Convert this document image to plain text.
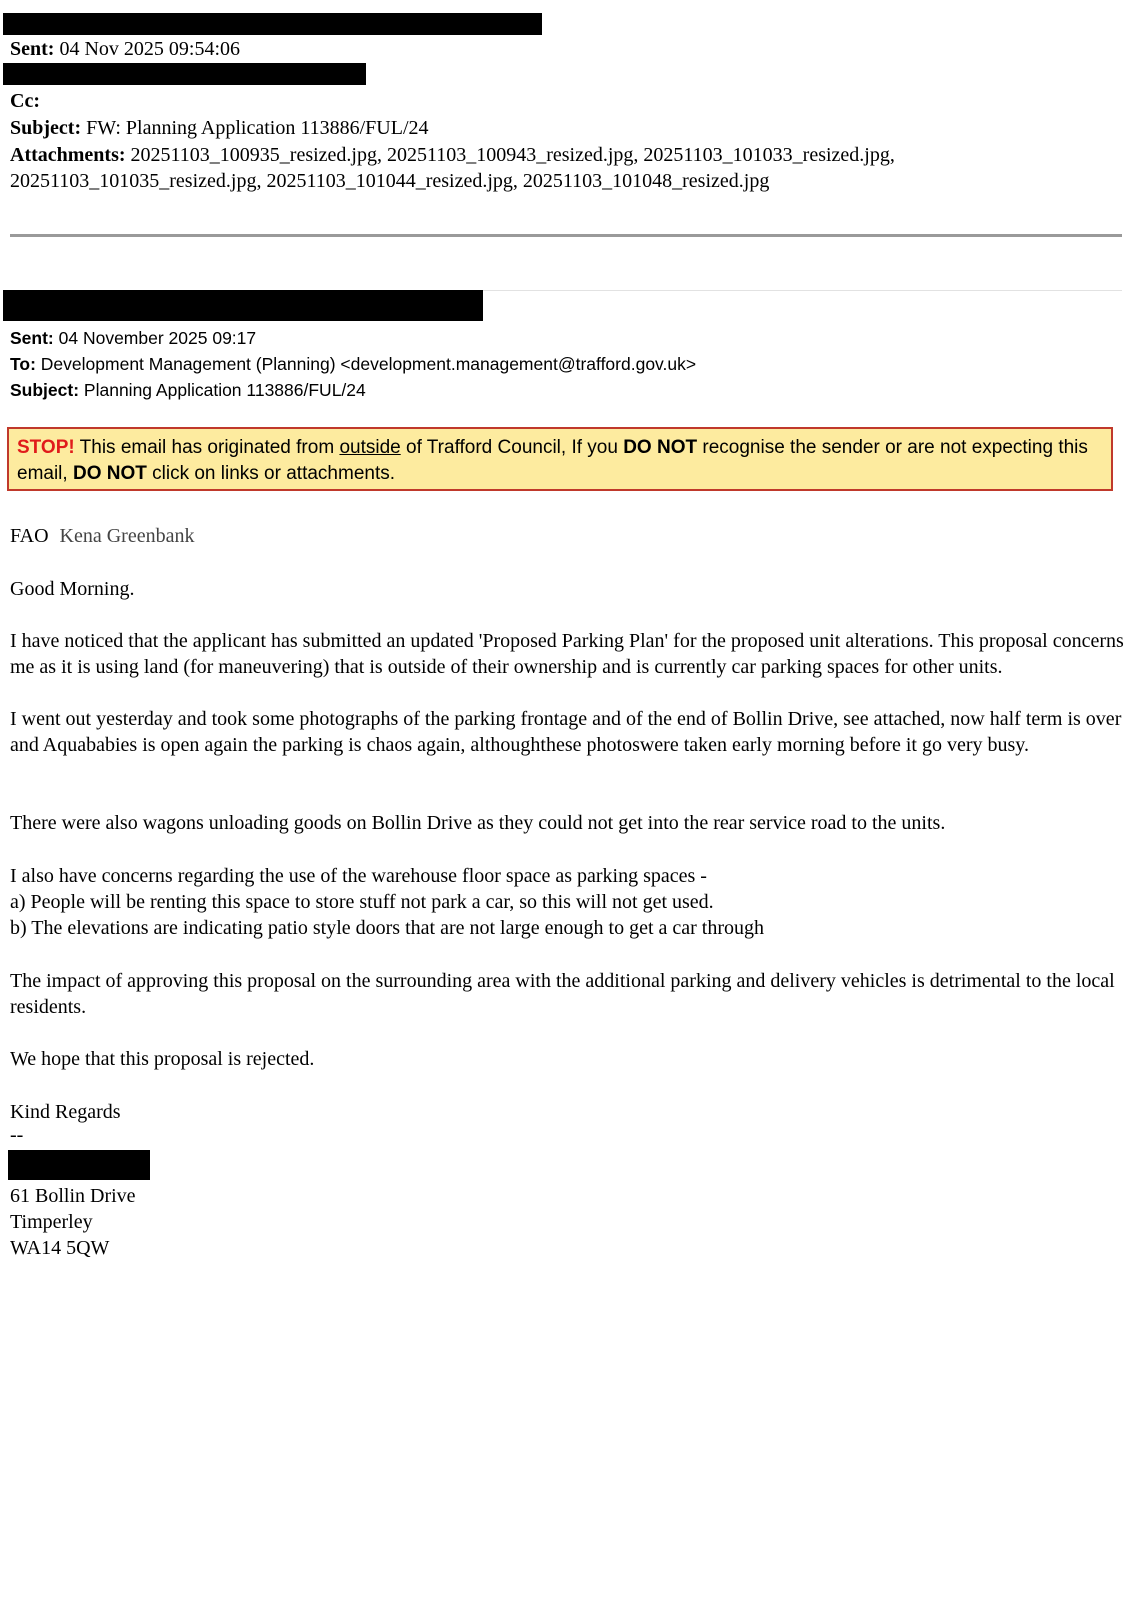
Sent: 04 Nov 2025 09:54:06
Cc:
Subject: FW: Planning Application 113886/FUL/24
Attachments: 20251103_100935_resized.jpg, 20251103_100943_resized.jpg, 20251103_101033_resized.jpg, 20251103_101035_resized.jpg, 20251103_101044_resized.jpg, 20251103_101048_resized.jpg
Sent: 04 November 2025 09:17
To: Development Management (Planning) <development.management@trafford.gov.uk>
Subject: Planning Application 113886/FUL/24
STOP! This email has originated from outside of Trafford Council, If you DO NOT recognise the sender or are not expecting this email, DO NOT click on links or attachments.
FAO Kena Greenbank
Good Morning.
I have noticed that the applicant has submitted an updated 'Proposed Parking Plan' for the proposed unit alterations. This proposal concerns me as it is using land (for maneuvering) that is outside of their ownership and is currently car parking spaces for other units.
I went out yesterday and took some photographs of the parking frontage and of the end of Bollin Drive, see attached, now half term is over and Aquababies is open again the parking is chaos again, althoughthese photoswere taken early morning before it go very busy.
There were also wagons unloading goods on Bollin Drive as they could not get into the rear service road to the units.
I also have concerns regarding the use of the warehouse floor space as parking spaces -
a) People will be renting this space to store stuff not park a car, so this will not get used.
b) The elevations are indicating patio style doors that are not large enough to get a car through
The impact of approving this proposal on the surrounding area with the additional parking and delivery vehicles is detrimental to the local residents.
We hope that this proposal is rejected.
Kind Regards
--
61 Bollin Drive
Timperley
WA14 5QW
